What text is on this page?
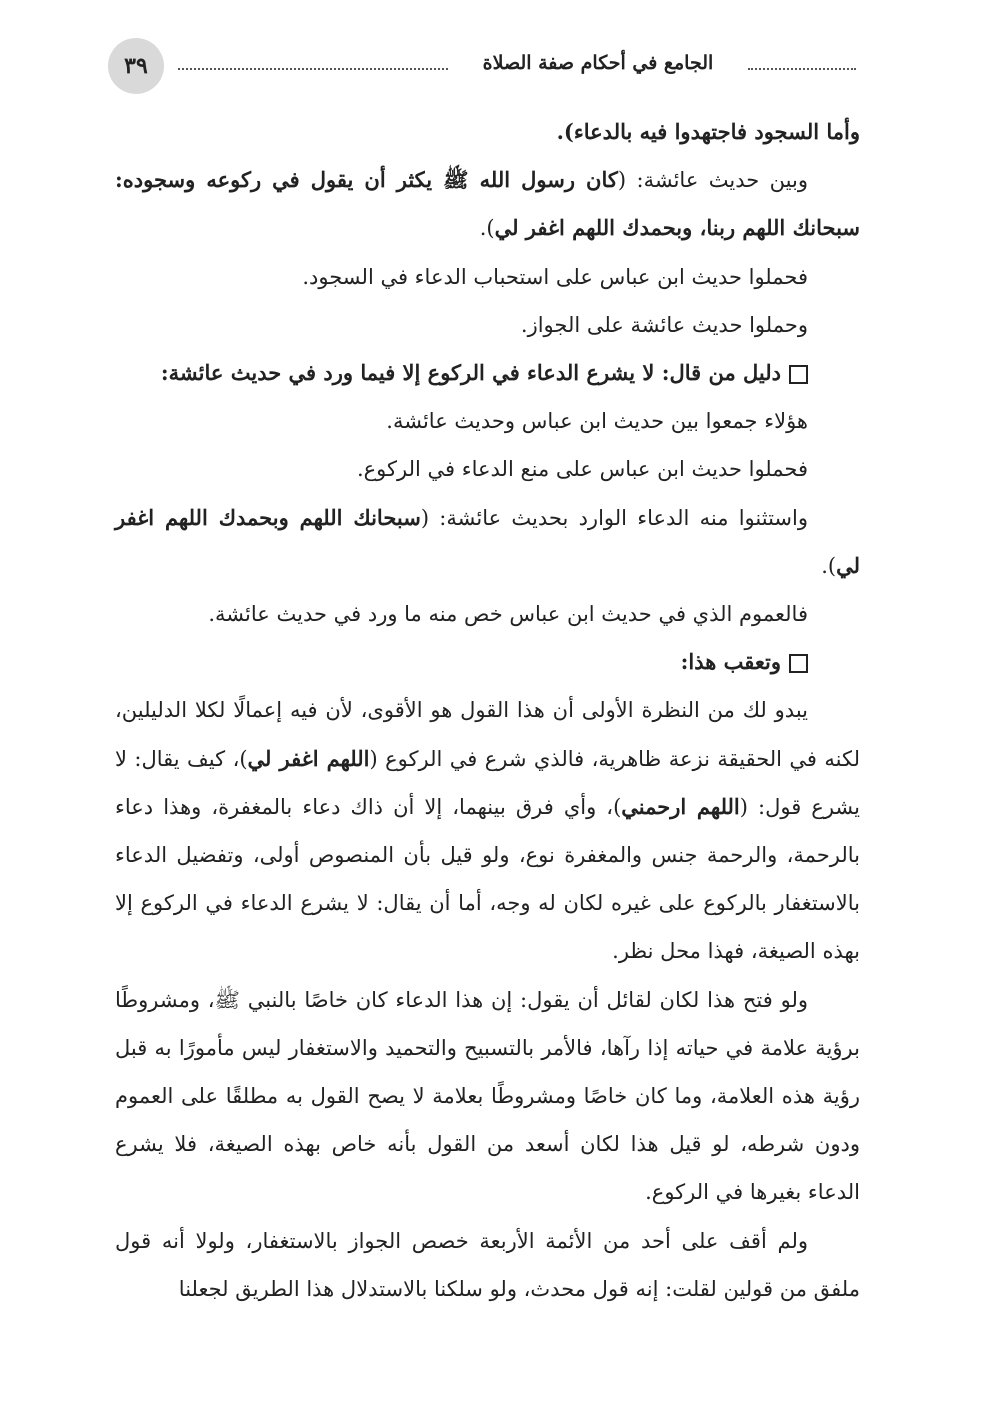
٣٩	الجامع في أحكام صفة الصلاة

وأما السجود فاجتهدوا فيه بالدعاء).

وبين حديث عائشة: (كان رسول الله ﷺ يكثر أن يقول في ركوعه وسجوده: سبحانك اللهم ربنا، وبحمدك اللهم اغفر لي).

فحملوا حديث ابن عباس على استحباب الدعاء في السجود.

وحملوا حديث عائشة على الجواز.

دليل من قال: لا يشرع الدعاء في الركوع إلا فيما ورد في حديث عائشة:

هؤلاء جمعوا بين حديث ابن عباس وحديث عائشة.

فحملوا حديث ابن عباس على منع الدعاء في الركوع.

واستثنوا منه الدعاء الوارد بحديث عائشة: (سبحانك اللهم وبحمدك اللهم اغفر لي).

فالعموم الذي في حديث ابن عباس خص منه ما ورد في حديث عائشة.

وتعقب هذا:

يبدو لك من النظرة الأولى أن هذا القول هو الأقوى، لأن فيه إعمالًا لكلا الدليلين، لكنه في الحقيقة نزعة ظاهرية، فالذي شرع في الركوع (اللهم اغفر لي)، كيف يقال: لا يشرع قول: (اللهم ارحمني)، وأي فرق بينهما، إلا أن ذاك دعاء بالمغفرة، وهذا دعاء بالرحمة، والرحمة جنس والمغفرة نوع، ولو قيل بأن المنصوص أولى، وتفضيل الدعاء بالاستغفار بالركوع على غيره لكان له وجه، أما أن يقال: لا يشرع الدعاء في الركوع إلا بهذه الصيغة، فهذا محل نظر.

ولو فتح هذا لكان لقائل أن يقول: إن هذا الدعاء كان خاصًا بالنبي ﷺ، ومشروطًا برؤية علامة في حياته إذا رآها، فالأمر بالتسبيح والتحميد والاستغفار ليس مأمورًا به قبل رؤية هذه العلامة، وما كان خاصًا ومشروطًا بعلامة لا يصح القول به مطلقًا على العموم ودون شرطه، لو قيل هذا لكان أسعد من القول بأنه خاص بهذه الصيغة، فلا يشرع الدعاء بغيرها في الركوع.

ولم أقف على أحد من الأئمة الأربعة خصص الجواز بالاستغفار، ولولا أنه قول ملفق من قولين لقلت: إنه قول محدث، ولو سلكنا بالاستدلال هذا الطريق لجعلنا
